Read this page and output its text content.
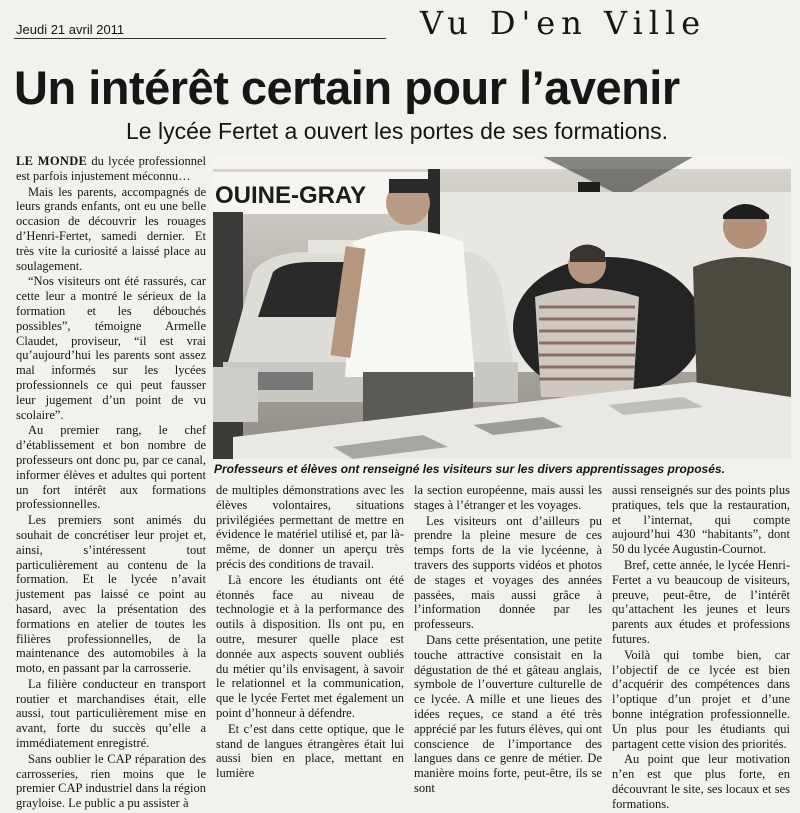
Jeudi 21 avril 2011	Vu D'en Ville
Un intérêt certain pour l’avenir
Le lycée Fertet a ouvert les portes de ses formations.

LE MONDE du lycée professionnel est parfois injustement méconnu…

Mais les parents, accompagnés de leurs grands enfants, ont eu une belle occasion de découvrir les rouages d’Henri-Fertet, samedi dernier. Et très vite la curiosité a laissé place au soulagement.

“Nos visiteurs ont été rassurés, car cette leur a montré le sérieux de la formation et les débouchés possibles”, témoigne Armelle Claudet, proviseur, “il est vrai qu’aujourd’hui les parents sont assez mal informés sur les lycées professionnels ce qui peut fausser leur jugement d’un point de vu scolaire”.

Au premier rang, le chef d’établissement et bon nombre de professeurs ont donc pu, par ce canal, informer élèves et adultes qui portent un fort intérêt aux formations professionnelles.

Les premiers sont animés du souhait de concrétiser leur projet et, ainsi, s’intéressent tout particulièrement au contenu de la formation. Et le lycée n’avait justement pas laissé ce point au hasard, avec la présentation des formations en atelier de toutes les filières professionnelles, de la maintenance des automobiles à la moto, en passant par la carrosserie.

La filière conducteur en transport routier et marchandises était, elle aussi, tout particulièrement mise en avant, forte du succès qu’elle a immédiatement enregistré.

Sans oublier le CAP réparation des carrosseries, rien moins que le premier CAP industriel dans la région grayloise. Le public a pu assister à

OUINE-GRAY
Professeurs et élèves ont renseigné les visiteurs sur les divers apprentissages proposés.

de multiples démonstrations avec les élèves volontaires, situations privilégiées permettant de mettre en évidence le matériel utilisé et, par là-même, de donner un aperçu très précis des conditions de travail.

Là encore les étudiants ont été étonnés face au niveau de technologie et à la performance des outils à disposition. Ils ont pu, en outre, mesurer quelle place est donnée aux aspects souvent oubliés du métier qu’ils envisagent, à savoir le relationnel et la communication, que le lycée Fertet met également un point d’honneur à défendre.

Et c’est dans cette optique, que le stand de langues étrangères était lui aussi bien en place, mettant en lumière

la section européenne, mais aussi les stages à l’étranger et les voyages.

Les visiteurs ont d’ailleurs pu prendre la pleine mesure de ces temps forts de la vie lycéenne, à travers des supports vidéos et photos de stages et voyages des années passées, mais aussi grâce à l’information donnée par les professeurs.

Dans cette présentation, une petite touche attractive consistait en la dégustation de thé et gâteau anglais, symbole de l’ouverture culturelle de ce lycée. A mille et une lieues des idées reçues, ce stand a été très apprécié par les futurs élèves, qui ont conscience de l’importance des langues dans ce genre de métier. De manière moins forte, peut-être, ils se sont

aussi renseignés sur des points plus pratiques, tels que la restauration, et l’internat, qui compte aujourd’hui 430 “habitants”, dont 50 du lycée Augustin-Cournot.

Bref, cette année, le lycée Henri-Fertet a vu beaucoup de visiteurs, preuve, peut-être, de l’intérêt qu’attachent les jeunes et leurs parents aux études et professions futures.

Voilà qui tombe bien, car l’objectif de ce lycée est bien d’acquérir des compétences dans l’optique d’un projet et d’une bonne intégration professionnelle. Un plus pour les étudiants qui partagent cette vision des priorités.

Au point que leur motivation n’en est que plus forte, en découvrant le site, ses locaux et ses formations.
